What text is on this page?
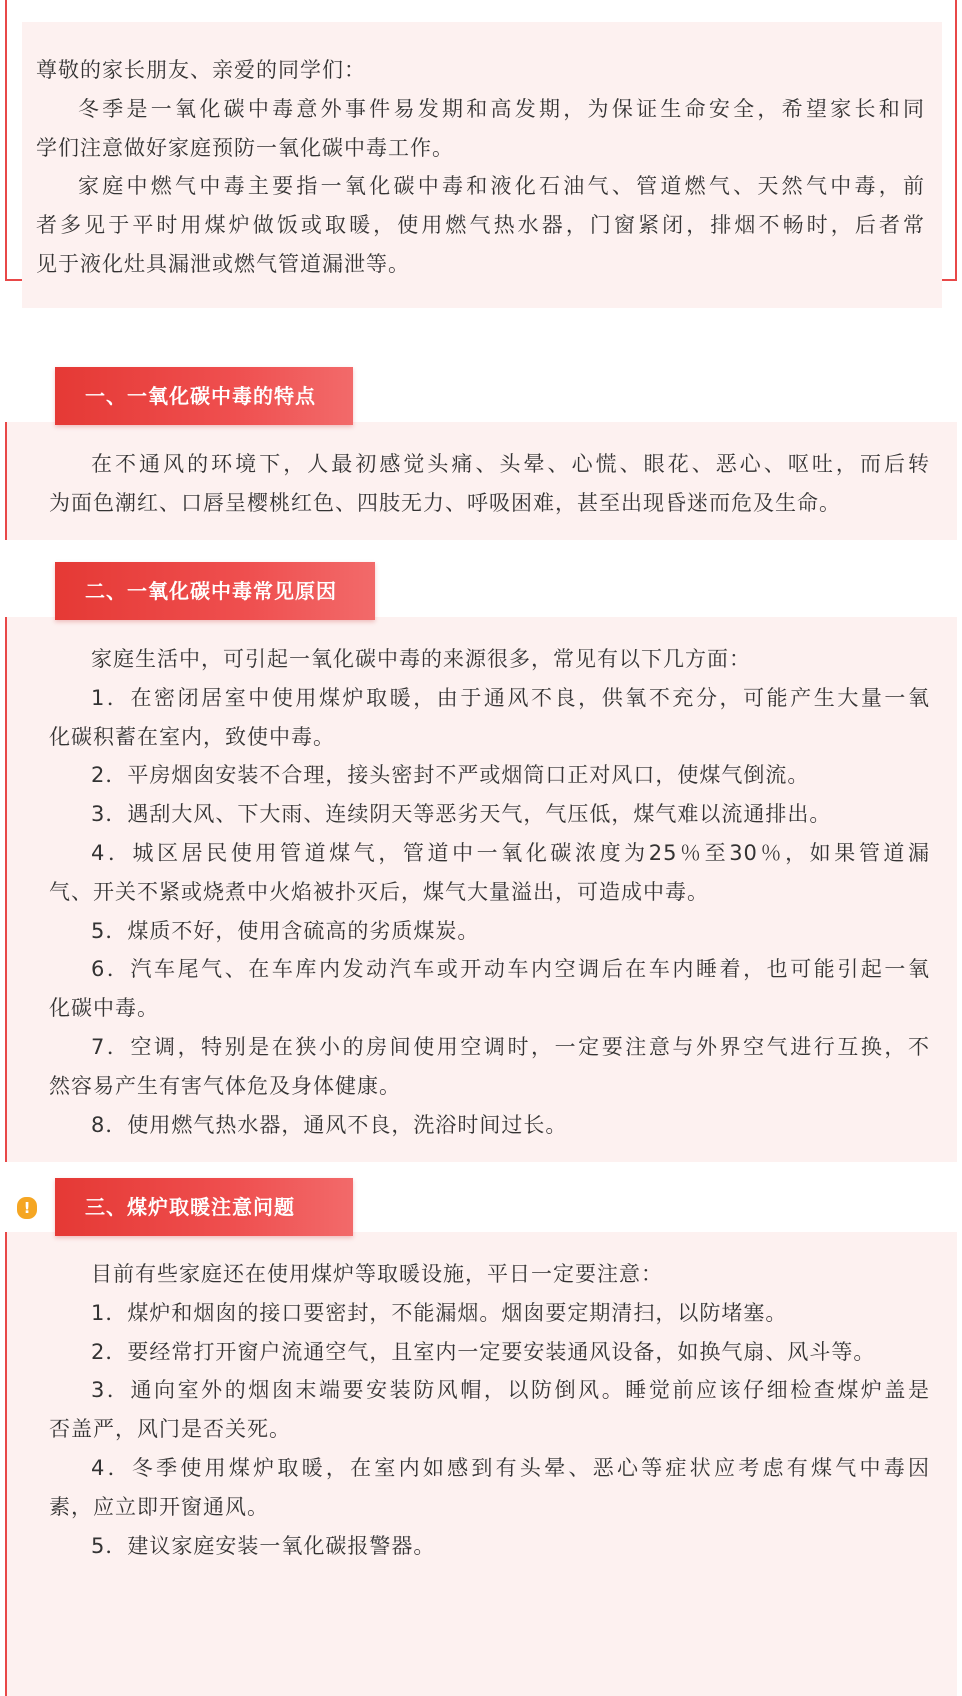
尊敬的家长朋友、亲爱的同学们：
冬季是一氧化碳中毒意外事件易发期和高发期，为保证生命安全，希望家长和同
学们注意做好家庭预防一氧化碳中毒工作。
家庭中燃气中毒主要指一氧化碳中毒和液化石油气、管道燃气、天然气中毒，前
者多见于平时用煤炉做饭或取暖，使用燃气热水器，门窗紧闭，排烟不畅时，后者常
见于液化灶具漏泄或燃气管道漏泄等。
在不通风的环境下，人最初感觉头痛、头晕、心慌、眼花、恶心、呕吐，而后转
为面色潮红、口唇呈樱桃红色、四肢无力、呼吸困难，甚至出现昏迷而危及生命。
一、一氧化碳中毒的特点
家庭生活中，可引起一氧化碳中毒的来源很多，常见有以下几方面：
1．在密闭居室中使用煤炉取暖，由于通风不良，供氧不充分，可能产生大量一氧
化碳积蓄在室内，致使中毒。
2．平房烟囱安装不合理，接头密封不严或烟筒口正对风口，使煤气倒流。
3．遇刮大风、下大雨、连续阴天等恶劣天气，气压低，煤气难以流通排出。
4．城区居民使用管道煤气，管道中一氧化碳浓度为25％至30％，如果管道漏
气、开关不紧或烧煮中火焰被扑灭后，煤气大量溢出，可造成中毒。
5．煤质不好，使用含硫高的劣质煤炭。
6．汽车尾气、在车库内发动汽车或开动车内空调后在车内睡着，也可能引起一氧
化碳中毒。
7．空调，特别是在狭小的房间使用空调时，一定要注意与外界空气进行互换，不
然容易产生有害气体危及身体健康。
8．使用燃气热水器，通风不良，洗浴时间过长。
二、一氧化碳中毒常见原因
目前有些家庭还在使用煤炉等取暖设施，平日一定要注意：
1．煤炉和烟囱的接口要密封，不能漏烟。烟囱要定期清扫，以防堵塞。
2．要经常打开窗户流通空气，且室内一定要安装通风设备，如换气扇、风斗等。
3．通向室外的烟囱末端要安装防风帽，以防倒风。睡觉前应该仔细检查煤炉盖是
否盖严，风门是否关死。
4．冬季使用煤炉取暖，在室内如感到有头晕、恶心等症状应考虑有煤气中毒因
素，应立即开窗通风。
5．建议家庭安装一氧化碳报警器。
三、煤炉取暖注意问题
!
